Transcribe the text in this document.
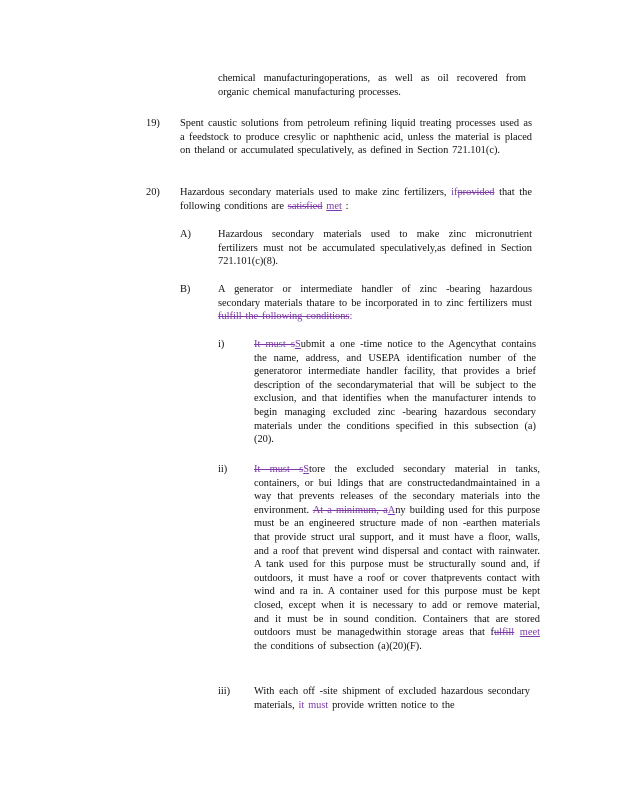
chemical manufacturingoperations, as well as oil recovered from organic chemical manufacturing processes.
19) Spent caustic solutions from petroleum refining liquid treating processes used as a feedstock to produce cresylic or naphthenic acid, unless the material is placed on theland or accumulated speculatively, as defined in Section 721.101(c).
20) Hazardous secondary materials used to make zinc fertilizers, ifprovided that the following conditions are satisfied met :
A)	Hazardous secondary materials used to make zinc micronutrient fertilizers must not be accumulated speculatively,as defined in Section 721.101(c)(8).
B)	A generator or intermediate handler of zinc -bearing hazardous secondary materials thatare to be incorporated in to zinc fertilizers must fulfill the following conditions:
i)	It must sSubmit a one -time notice to the Agencythat contains the name, address, and USEPA identification number of the generatoror intermediate handler facility, that provides a brief description of the secondarymaterial that will be subject to the exclusion, and that identifies when the manufacturer intends to begin managing excluded zinc -bearing hazardous secondary materials under the conditions specified in this subsection (a)(20).
ii)	It must sStore the excluded secondary material in tanks, containers, or bui ldings that are constructedandmaintained in a way that prevents releases of the secondary materials into the environment. At a minimum, aAny building used for this purpose must be an engineered structure made of non -earthen materials that provide struct ural support, and it must have a floor, walls, and a roof that prevent wind dispersal and contact with rainwater. A tank used for this purpose must be structurally sound and, if outdoors, it must have a roof or cover thatprevents contact with wind and ra in. A container used for this purpose must be kept closed, except when it is necessary to add or remove material, and it must be in sound condition. Containers that are stored outdoors must be managedwithin storage areas that fulfill meet the conditions of subsection (a)(20)(F).
iii) With each off -site shipment of excluded hazardous secondary materials, it must provide written notice to the
